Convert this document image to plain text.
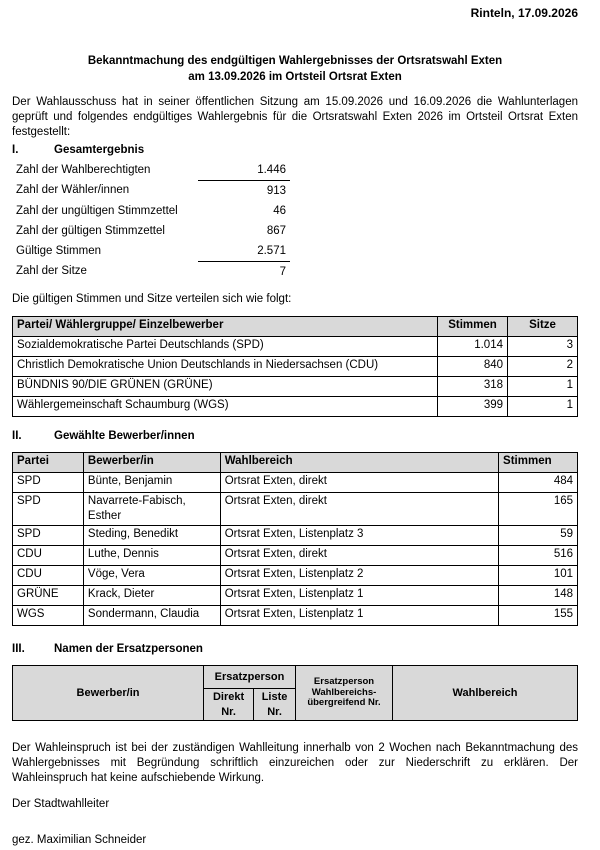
Rinteln, 17.09.2026
Bekanntmachung des endgültigen Wahlergebnisses der Ortsratswahl Exten
am 13.09.2026 im Ortsteil Ortsrat Exten
Der Wahlausschuss hat in seiner öffentlichen Sitzung am 15.09.2026 und 16.09.2026 die Wahlunterlagen geprüft und folgendes endgültiges Wahlergebnis für die Ortsratswahl Exten 2026 im Ortsteil Ortsrat Exten festgestellt:
I.	Gesamtergebnis
Zahl der Wahlberechtigten	1.446
Zahl der Wähler/innen	913
Zahl der ungültigen Stimmzettel	46
Zahl der gültigen Stimmzettel	867
Gültige Stimmen	2.571
Zahl der Sitze	7
Die gültigen Stimmen und Sitze verteilen sich wie folgt:
Partei/ Wählergruppe/ Einzelbewerber	Stimmen	Sitze
Sozialdemokratische Partei Deutschlands (SPD)	1.014	3
Christlich Demokratische Union Deutschlands in Niedersachsen (CDU)	840	2
BÜNDNIS 90/DIE GRÜNEN (GRÜNE)	318	1
Wählergemeinschaft Schaumburg (WGS)	399	1
II.	Gewählte Bewerber/innen
Partei	Bewerber/in	Wahlbereich	Stimmen
SPD	Bünte, Benjamin	Ortsrat Exten, direkt	484
SPD	Navarrete-Fabisch, Esther	Ortsrat Exten, direkt	165
SPD	Steding, Benedikt	Ortsrat Exten, Listenplatz 3	59
CDU	Luthe, Dennis	Ortsrat Exten, direkt	516
CDU	Vöge, Vera	Ortsrat Exten, Listenplatz 2	101
GRÜNE	Krack, Dieter	Ortsrat Exten, Listenplatz 1	148
WGS	Sondermann, Claudia	Ortsrat Exten, Listenplatz 1	155
III.	Namen der Ersatzpersonen
Bewerber/in	Ersatzperson		Ersatzperson Wahlbereichs-übergreifend Nr.	Wahlbereich
	Direkt Nr.	Liste Nr.		
Der Wahleinspruch ist bei der zuständigen Wahlleitung innerhalb von 2 Wochen nach Bekanntmachung des Wahlergebnisses mit Begründung schriftlich einzureichen oder zur Niederschrift zu erklären. Der Wahleinspruch hat keine aufschiebende Wirkung.
Der Stadtwahlleiter
gez. Maximilian Schneider
